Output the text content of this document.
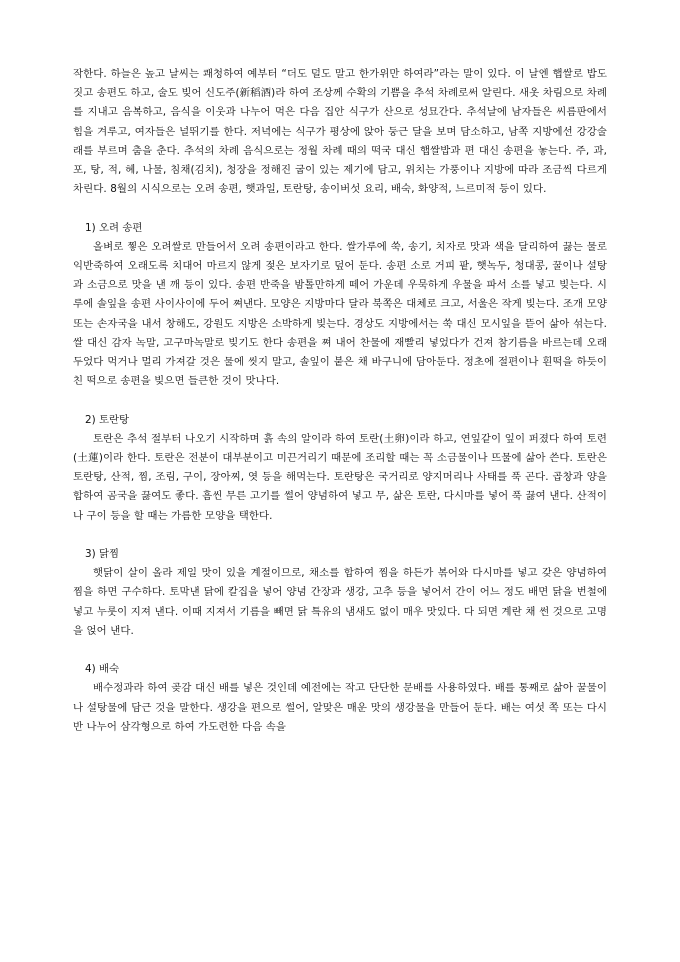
작한다. 하늘은 높고 날씨는 쾌청하여 예부터 “더도 덜도 말고 한가위만 하여라”라는 말이 있다. 이 날엔 햅쌀로 밥도 짓고 송편도 하고, 술도 빚어 신도주(新稻酒)라 하여 조상께 수확의 기쁨을 추석 차례로써 알린다. 새옷 차림으로 차례를 지내고 음복하고, 음식을 이웃과 나누어 먹은 다음 집안 식구가 산으로 성묘간다. 추석날에 남자들은 씨름판에서 힘을 겨루고, 여자들은 널뛰기를 한다. 저녁에는 식구가 평상에 앉아 둥근 달을 보며 담소하고, 남쪽 지방에선 강강술래를 부르며 춤을 춘다. 추석의 차례 음식으로는 정월 차례 때의 떡국 대신 햅쌀밥과 편 대신 송편을 놓는다. 주, 과, 포, 탕, 적, 혜, 나물, 침채(김치), 청장을 정해진 굽이 있는 제기에 담고, 위치는 가풍이나 지방에 따라 조금씩 다르게 차린다. 8월의 시식으로는 오려 송편, 햇과일, 토란탕, 송이버섯 요리, 배숙, 화양적, 느르미적 등이 있다.

1) 오려 송편

올벼로 찧은 오려쌀로 만들어서 오려 송편이라고 한다. 쌀가루에 쑥, 송기, 치자로 맛과 색을 달리하여 끓는 물로 익반죽하여 오래도록 치대어 마르지 않게 젖은 보자기로 덮어 둔다. 송편 소로 거피 팥, 햇녹두, 청대콩, 꿀이나 설탕과 소금으로 맛을 낸 깨 등이 있다. 송편 반죽을 밤톨만하게 떼어 가운데 우묵하게 우물을 파서 소를 넣고 빚는다. 시루에 솔잎을 송편 사이사이에 두어 쪄낸다. 모양은 지방마다 달라 북쪽은 대체로 크고, 서울은 작게 빚는다. 조개 모양 또는 손자국을 내서 창해도, 강원도 지방은 소박하게 빚는다. 경상도 지방에서는 쑥 대신 모시잎을 뜯어 삶아 섞는다. 쌀 대신 감자 녹말, 고구마녹말로 빚기도 한다 송편을 쪄 내어 찬물에 재빨리 넣었다가 건져 참기름을 바르는데 오래 두었다 먹거나 멀리 가져갈 것은 물에 씻지 말고, 솔잎이 붙은 채 바구니에 담아둔다. 정초에 절편이나 흰떡을 하듯이 친 떡으로 송편을 빚으면 들큰한 것이 맛나다.

2) 토란탕

토란은 추석 절부터 나오기 시작하며 흙 속의 알이라 하여 토란(土卵)이라 하고, 연잎같이 잎이 퍼졌다 하여 토련(土蓮)이라 한다. 토란은 전분이 대부분이고 미끈거리기 때문에 조리할 때는 꼭 소금물이나 뜨물에 삶아 쓴다. 토란은 토란탕, 산적, 찜, 조림, 구이, 장아찌, 엿 등을 해먹는다. 토란탕은 국거리로 양지머리나 사태를 푹 곤다. 곱창과 양을 합하여 곰국을 끓여도 좋다. 흠씬 무른 고기를 썰어 양념하여 넣고 무, 삶은 토란, 다시마를 넣어 푹 끓여 낸다. 산적이나 구이 등을 할 때는 가름한 모양을 택한다.

3) 닭찜

햇닭이 살이 올라 제일 맛이 있을 계절이므로, 채소를 합하여 찜을 하든가 볶어와 다시마를 넣고 갖은 양념하여 찜을 하면 구수하다. 토막낸 닭에 칼집을 넣어 양념 간장과 생강, 고추 등을 넣어서 간이 어느 정도 배면 닭을 번철에 넣고 누룻이 지져 낸다. 이때 지져서 기름을 빼면 닭 특유의 냄새도 없이 매우 맛있다. 다 되면 계란 채 썬 것으로 고명을 얹어 낸다.

4) 배숙

배수정과라 하여 곶감 대신 배를 넣은 것인데 예전에는 작고 단단한 문배를 사용하였다. 배를 통째로 삶아 꿀물이나 설탕물에 담근 것을 말한다. 생강을 편으로 썰어, 알맞은 매운 맛의 생강물을 만들어 둔다. 배는 여섯 쪽 또는 다시 반 나누어 삼각형으로 하여 가도련한 다음 속을
